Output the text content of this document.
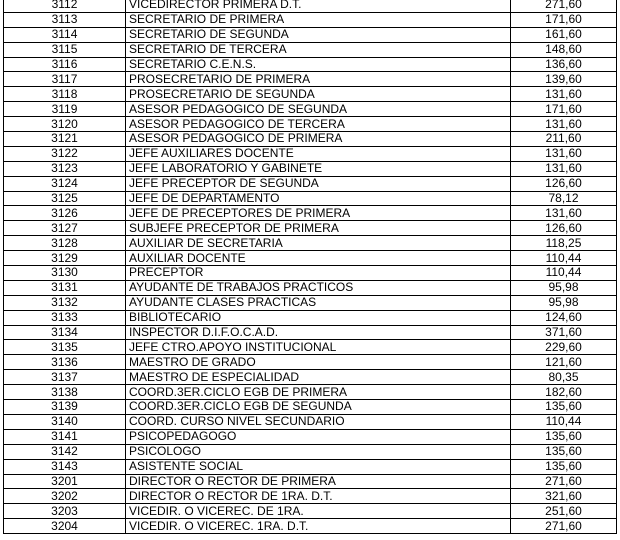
3112	VICEDIRECTOR PRIMERA D.T.	271,60
3113	SECRETARIO DE PRIMERA	171,60
3114	SECRETARIO DE SEGUNDA	161,60
3115	SECRETARIO DE TERCERA	148,60
3116	SECRETARIO C.E.N.S.	136,60
3117	PROSECRETARIO DE PRIMERA	139,60
3118	PROSECRETARIO DE SEGUNDA	131,60
3119	ASESOR PEDAGOGICO DE SEGUNDA	171,60
3120	ASESOR PEDAGOGICO DE TERCERA	131,60
3121	ASESOR PEDAGOGICO DE PRIMERA	211,60
3122	JEFE AUXILIARES DOCENTE	131,60
3123	JEFE LABORATORIO Y GABINETE	131,60
3124	JEFE PRECEPTOR DE SEGUNDA	126,60
3125	JEFE DE DEPARTAMENTO	78,12
3126	JEFE DE PRECEPTORES DE PRIMERA	131,60
3127	SUBJEFE PRECEPTOR DE PRIMERA	126,60
3128	AUXILIAR DE SECRETARIA	118,25
3129	AUXILIAR DOCENTE	110,44
3130	PRECEPTOR	110,44
3131	AYUDANTE DE TRABAJOS PRACTICOS	95,98
3132	AYUDANTE CLASES PRACTICAS	95,98
3133	BIBLIOTECARIO	124,60
3134	INSPECTOR D.I.F.O.C.A.D.	371,60
3135	JEFE CTRO.APOYO INSTITUCIONAL	229,60
3136	MAESTRO DE GRADO	121,60
3137	MAESTRO DE ESPECIALIDAD	80,35
3138	COORD.3ER.CICLO EGB DE PRIMERA	182,60
3139	COORD.3ER.CICLO EGB DE SEGUNDA	135,60
3140	COORD. CURSO NIVEL SECUNDARIO	110,44
3141	PSICOPEDAGOGO	135,60
3142	PSICOLOGO	135,60
3143	ASISTENTE SOCIAL	135,60
3201	DIRECTOR O RECTOR DE PRIMERA	271,60
3202	DIRECTOR O RECTOR DE 1RA. D.T.	321,60
3203	VICEDIR. O VICEREC. DE 1RA.	251,60
3204	VICEDIR. O VICEREC. 1RA. D.T.	271,60
